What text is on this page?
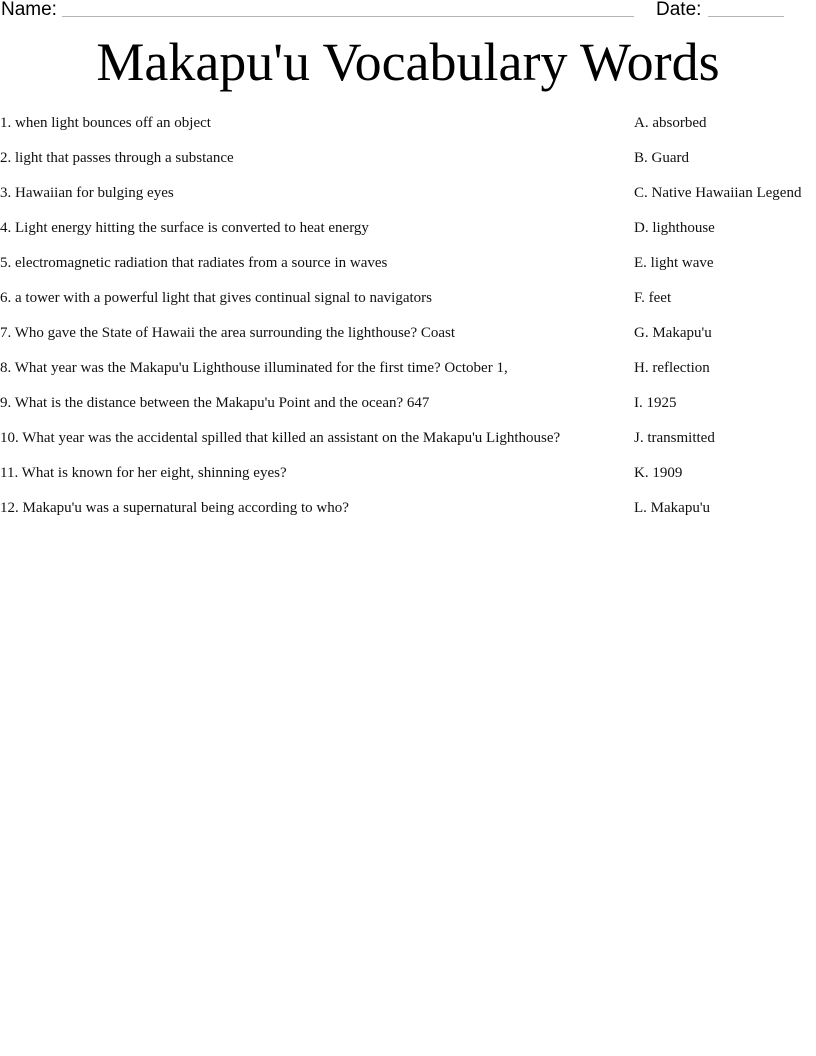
Name:	Date:
Makapu'u Vocabulary Words
1. when light bounces off an object	A. absorbed
2. light that passes through a substance	B. Guard
3. Hawaiian for bulging eyes	C. Native Hawaiian Legend
4. Light energy hitting the surface is converted to heat energy	D. lighthouse
5. electromagnetic radiation that radiates from a source in waves	E. light wave
6. a tower with a powerful light that gives continual signal to navigators	F. feet
7. Who gave the State of Hawaii the area surrounding the lighthouse? Coast	G. Makapu'u
8. What year was the Makapu'u Lighthouse illuminated for the first time? October 1,	H. reflection
9. What is the distance between the Makapu'u Point and the ocean? 647	I. 1925
10. What year was the accidental spilled that killed an assistant on the Makapu'u Lighthouse?	J. transmitted
11. What is known for her eight, shinning eyes?	K. 1909
12. Makapu'u was a supernatural being according to who?	L. Makapu'u
